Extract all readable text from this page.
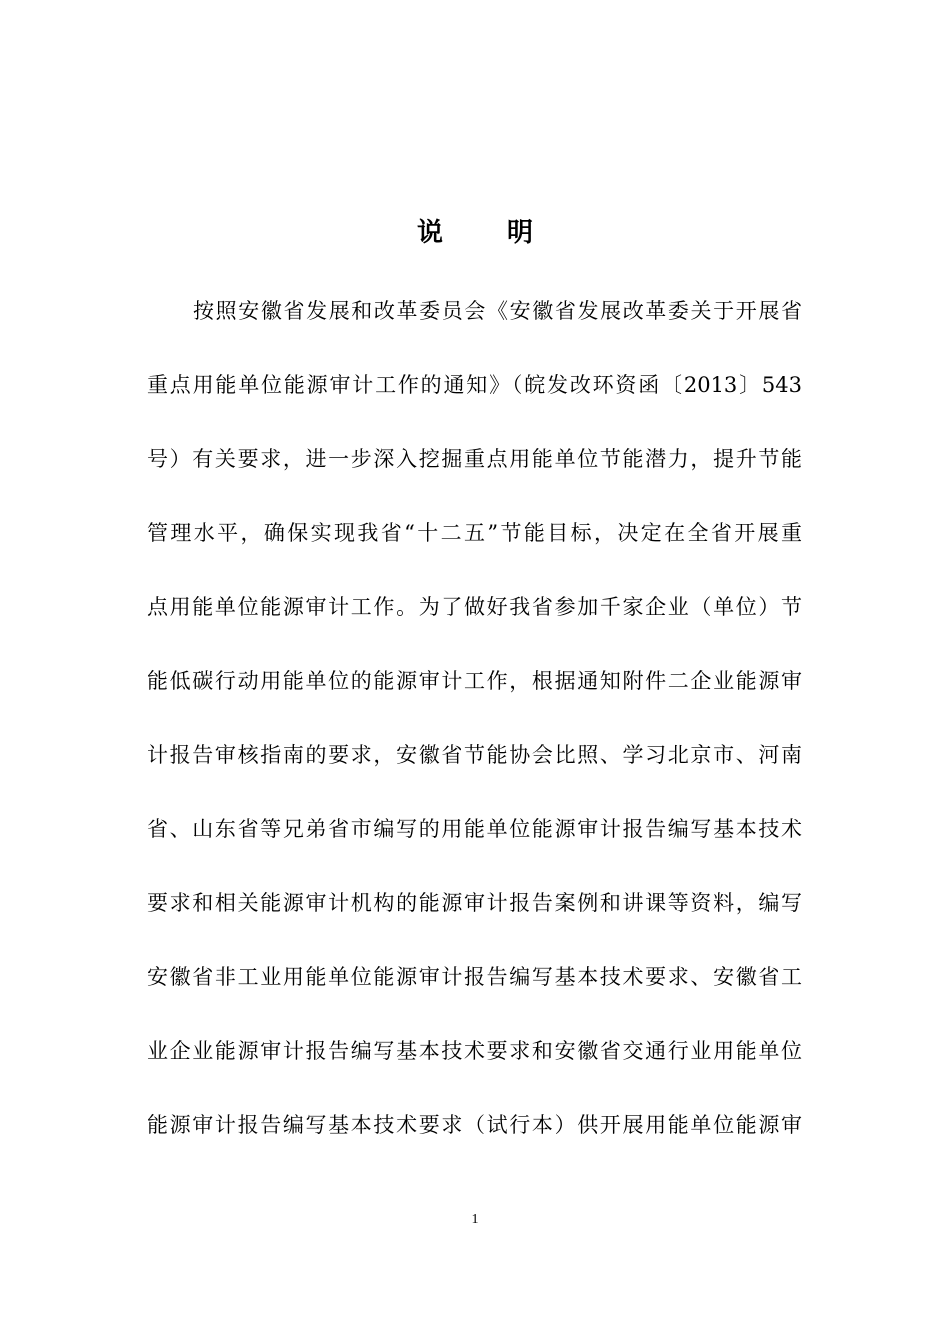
说 明
按照安徽省发展和改革委员会《安徽省发展改革委关于开展省
重点用能单位能源审计工作的通知》（皖发改环资函〔2013〕543
号）有关要求，进一步深入挖掘重点用能单位节能潜力，提升节能
管理水平，确保实现我省“十二五”节能目标，决定在全省开展重
点用能单位能源审计工作。为了做好我省参加千家企业（单位）节
能低碳行动用能单位的能源审计工作，根据通知附件二企业能源审
计报告审核指南的要求，安徽省节能协会比照、学习北京市、河南
省、山东省等兄弟省市编写的用能单位能源审计报告编写基本技术
要求和相关能源审计机构的能源审计报告案例和讲课等资料，编写
安徽省非工业用能单位能源审计报告编写基本技术要求、安徽省工
业企业能源审计报告编写基本技术要求和安徽省交通行业用能单位
能源审计报告编写基本技术要求（试行本）供开展用能单位能源审
1
